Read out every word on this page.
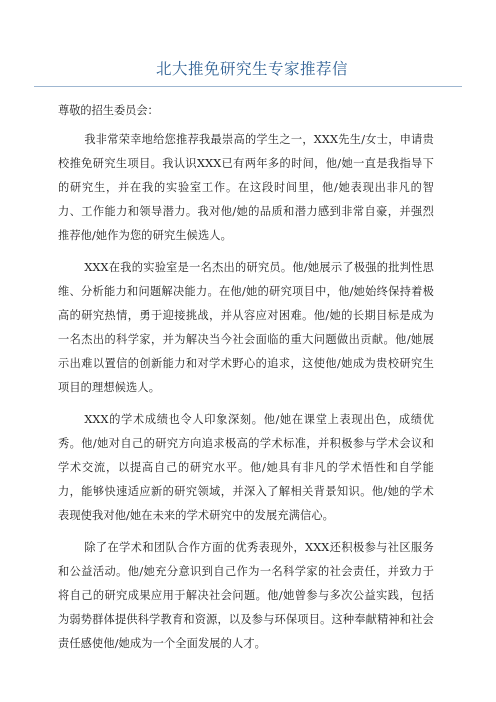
北大推免研究生专家推荐信
尊敬的招生委员会：
我非常荣幸地给您推荐我最崇高的学生之一，XXX先生/女士，申请贵校推免研究生项目。我认识XXX已有两年多的时间，他/她一直是我指导下的研究生，并在我的实验室工作。在这段时间里，他/她表现出非凡的智力、工作能力和领导潜力。我对他/她的品质和潜力感到非常自豪，并强烈推荐他/她作为您的研究生候选人。
XXX在我的实验室是一名杰出的研究员。他/她展示了极强的批判性思维、分析能力和问题解决能力。在他/她的研究项目中，他/她始终保持着极高的研究热情，勇于迎接挑战，并从容应对困难。他/她的长期目标是成为一名杰出的科学家，并为解决当今社会面临的重大问题做出贡献。他/她展示出难以置信的创新能力和对学术野心的追求，这使他/她成为贵校研究生项目的理想候选人。
XXX的学术成绩也令人印象深刻。他/她在课堂上表现出色，成绩优秀。他/她对自己的研究方向追求极高的学术标准，并积极参与学术会议和学术交流，以提高自己的研究水平。他/她具有非凡的学术悟性和自学能力，能够快速适应新的研究领域，并深入了解相关背景知识。他/她的学术表现使我对他/她在未来的学术研究中的发展充满信心。
除了在学术和团队合作方面的优秀表现外，XXX还积极参与社区服务和公益活动。他/她充分意识到自己作为一名科学家的社会责任，并致力于将自己的研究成果应用于解决社会问题。他/她曾参与多次公益实践，包括为弱势群体提供科学教育和资源，以及参与环保项目。这种奉献精神和社会责任感使他/她成为一个全面发展的人才。
